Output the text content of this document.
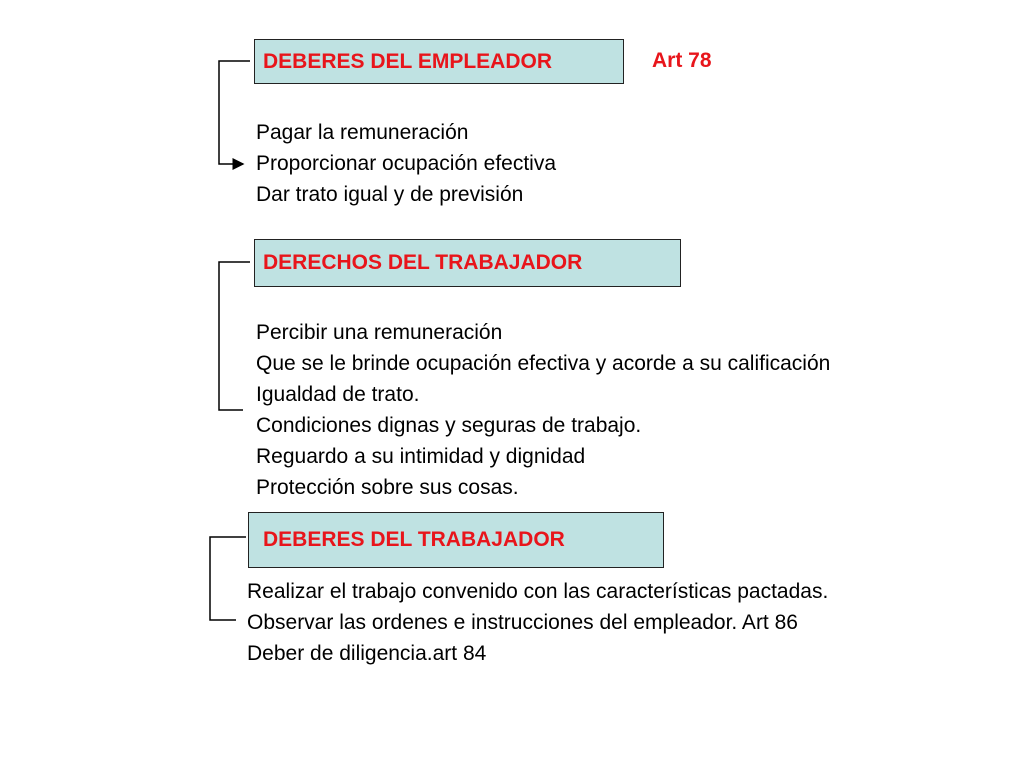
DEBERES DEL EMPLEADOR	Art 78
Pagar la remuneración
Proporcionar ocupación efectiva
Dar trato igual y de previsión
DERECHOS DEL TRABAJADOR
Percibir una remuneración
Que se le brinde ocupación efectiva y acorde a su calificación
Igualdad de trato.
Condiciones dignas y seguras de trabajo.
Reguardo a su intimidad y dignidad
Protección sobre sus cosas.
DEBERES DEL TRABAJADOR
Realizar el trabajo convenido con las características pactadas.
Observar las ordenes e instrucciones del empleador. Art 86
Deber de diligencia.art 84
